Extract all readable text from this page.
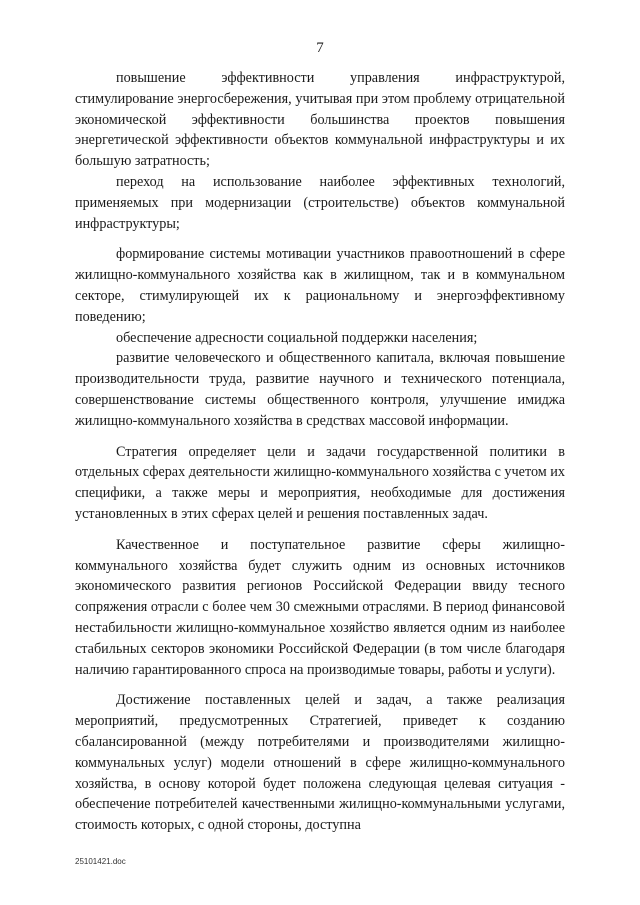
7

повышение эффективности управления инфраструктурой, стимулирование энергосбережения, учитывая при этом проблему отрицательной экономической эффективности большинства проектов повышения энергетической эффективности объектов коммунальной инфраструктуры и их большую затратность;

переход на использование наиболее эффективных технологий, применяемых при модернизации (строительстве) объектов коммунальной инфраструктуры;

формирование системы мотивации участников правоотношений в сфере жилищно-коммунального хозяйства как в жилищном, так и в коммунальном секторе, стимулирующей их к рациональному и энергоэффективному поведению;

обеспечение адресности социальной поддержки населения;

развитие человеческого и общественного капитала, включая повышение производительности труда, развитие научного и технического потенциала, совершенствование системы общественного контроля, улучшение имиджа жилищно-коммунального хозяйства в средствах массовой информации.

Стратегия определяет цели и задачи государственной политики в отдельных сферах деятельности жилищно-коммунального хозяйства с учетом их специфики, а также меры и мероприятия, необходимые для достижения установленных в этих сферах целей и решения поставленных задач.

Качественное и поступательное развитие сферы жилищно-коммунального хозяйства будет служить одним из основных источников экономического развития регионов Российской Федерации ввиду тесного сопряжения отрасли с более чем 30 смежными отраслями. В период финансовой нестабильности жилищно-коммунальное хозяйство является одним из наиболее стабильных секторов экономики Российской Федерации (в том числе благодаря наличию гарантированного спроса на производимые товары, работы и услуги).

Достижение поставленных целей и задач, а также реализация мероприятий, предусмотренных Стратегией, приведет к созданию сбалансированной (между потребителями и производителями жилищно-коммунальных услуг) модели отношений в сфере жилищно-коммунального хозяйства, в основу которой будет положена следующая целевая ситуация - обеспечение потребителей качественными жилищно-коммунальными услугами, стоимость которых, с одной стороны, доступна

25101421.doc
